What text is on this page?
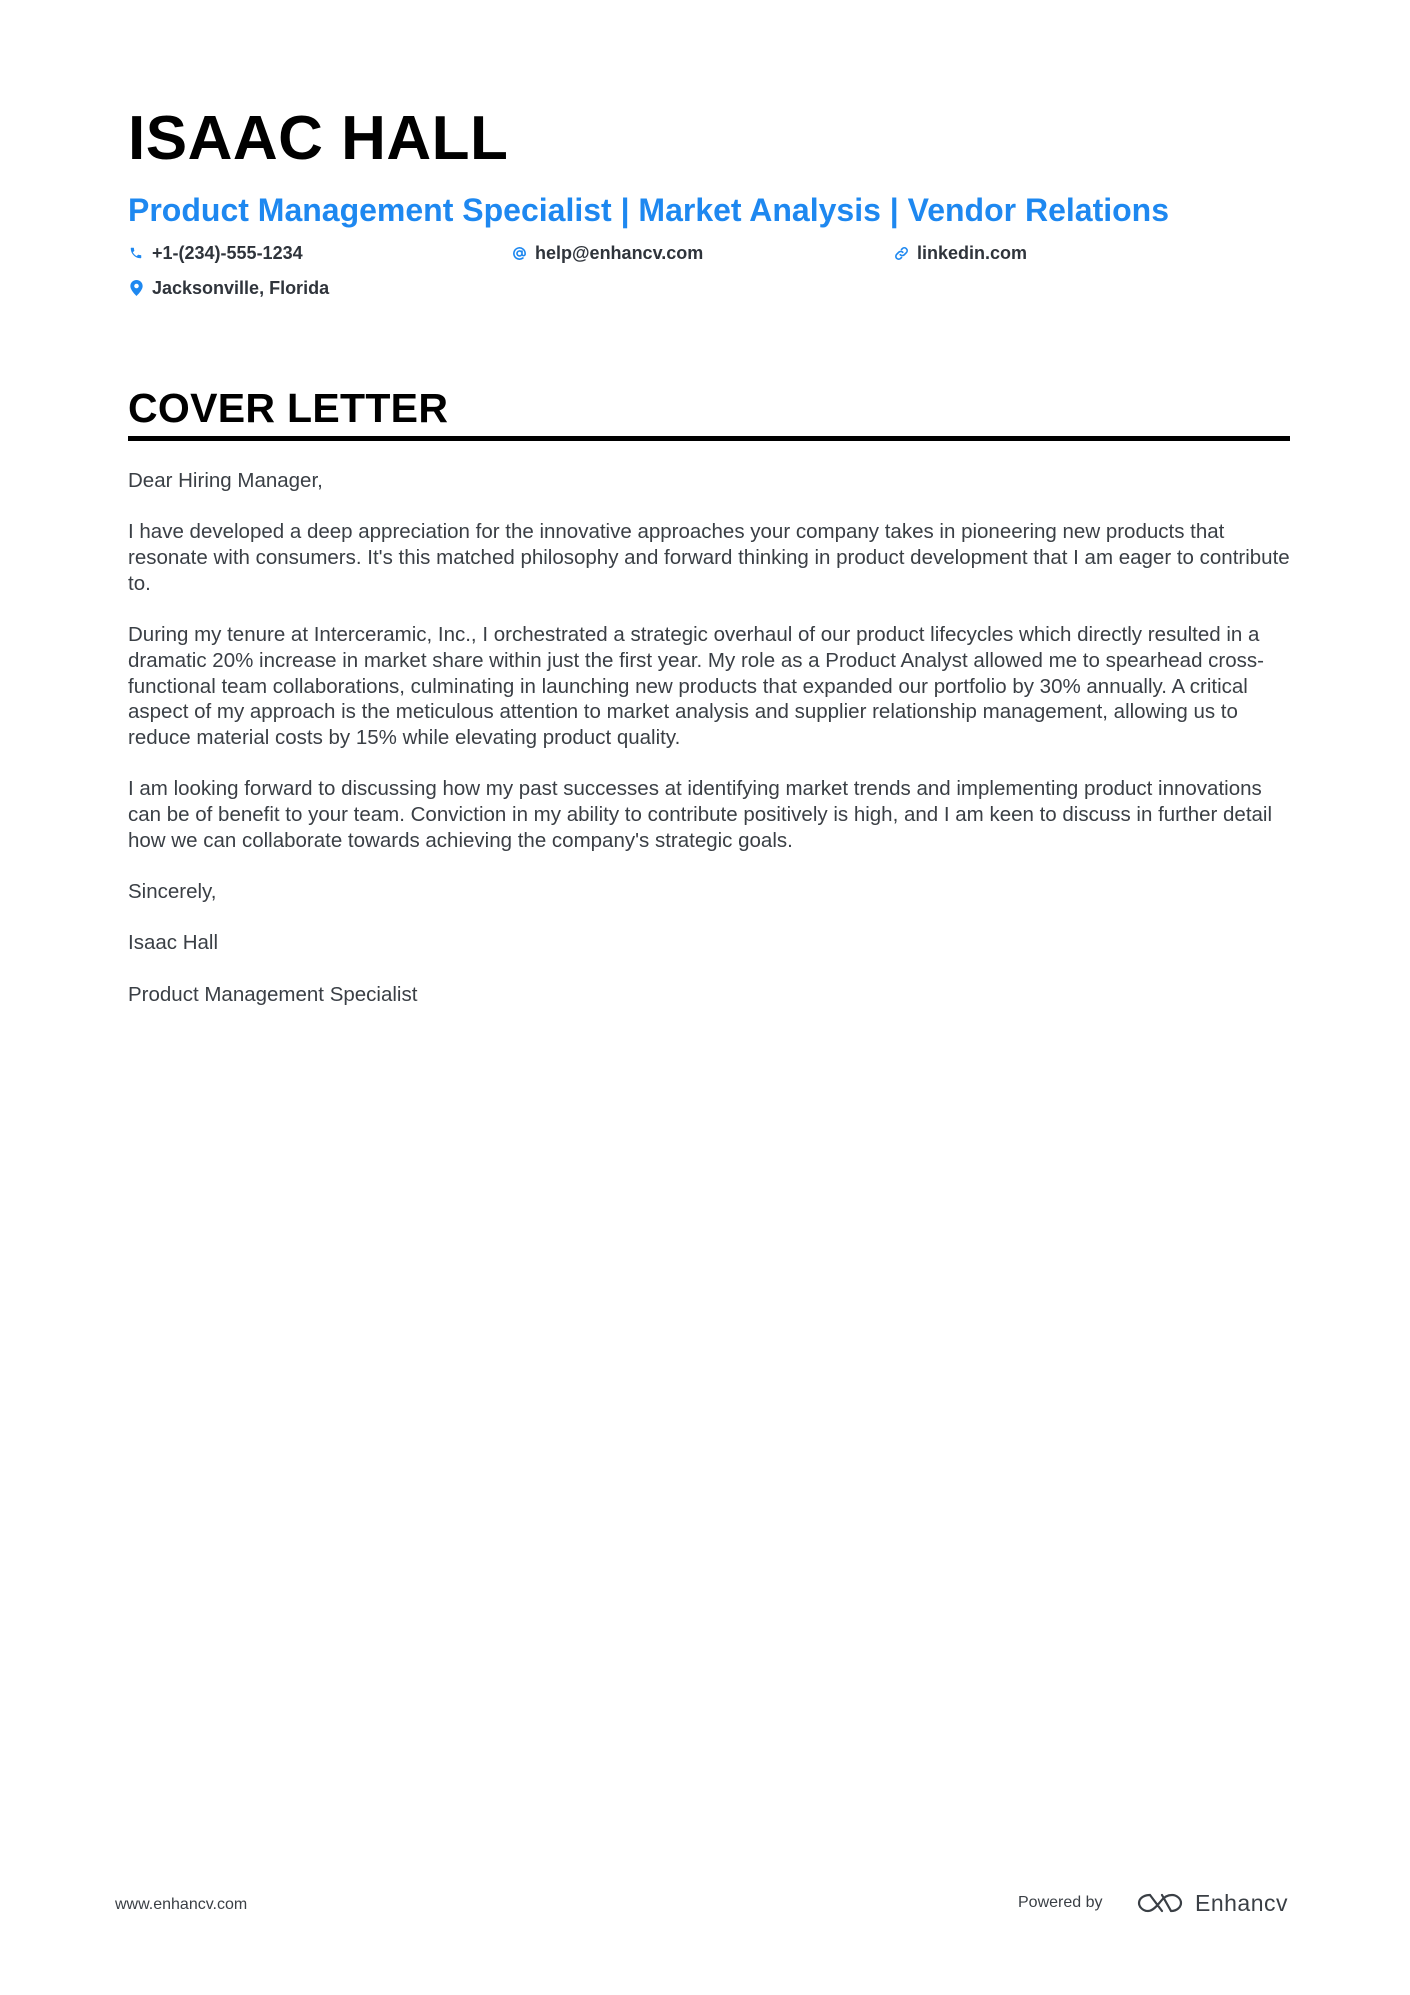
ISAAC HALL
Product Management Specialist | Market Analysis | Vendor Relations
+1-(234)-555-1234	help@enhancv.com	linkedin.com
Jacksonville, Florida
COVER LETTER

Dear Hiring Manager,

I have developed a deep appreciation for the innovative approaches your company takes in pioneering new products that resonate with consumers. It's this matched philosophy and forward thinking in product development that I am eager to contribute to.

During my tenure at Interceramic, Inc., I orchestrated a strategic overhaul of our product lifecycles which directly resulted in a dramatic 20% increase in market share within just the first year. My role as a Product Analyst allowed me to spearhead cross-functional team collaborations, culminating in launching new products that expanded our portfolio by 30% annually. A critical aspect of my approach is the meticulous attention to market analysis and supplier relationship management, allowing us to reduce material costs by 15% while elevating product quality.

I am looking forward to discussing how my past successes at identifying market trends and implementing product innovations can be of benefit to your team. Conviction in my ability to contribute positively is high, and I am keen to discuss in further detail how we can collaborate towards achieving the company's strategic goals.

Sincerely,

Isaac Hall

Product Management Specialist

www.enhancv.com	Powered by	Enhancv
